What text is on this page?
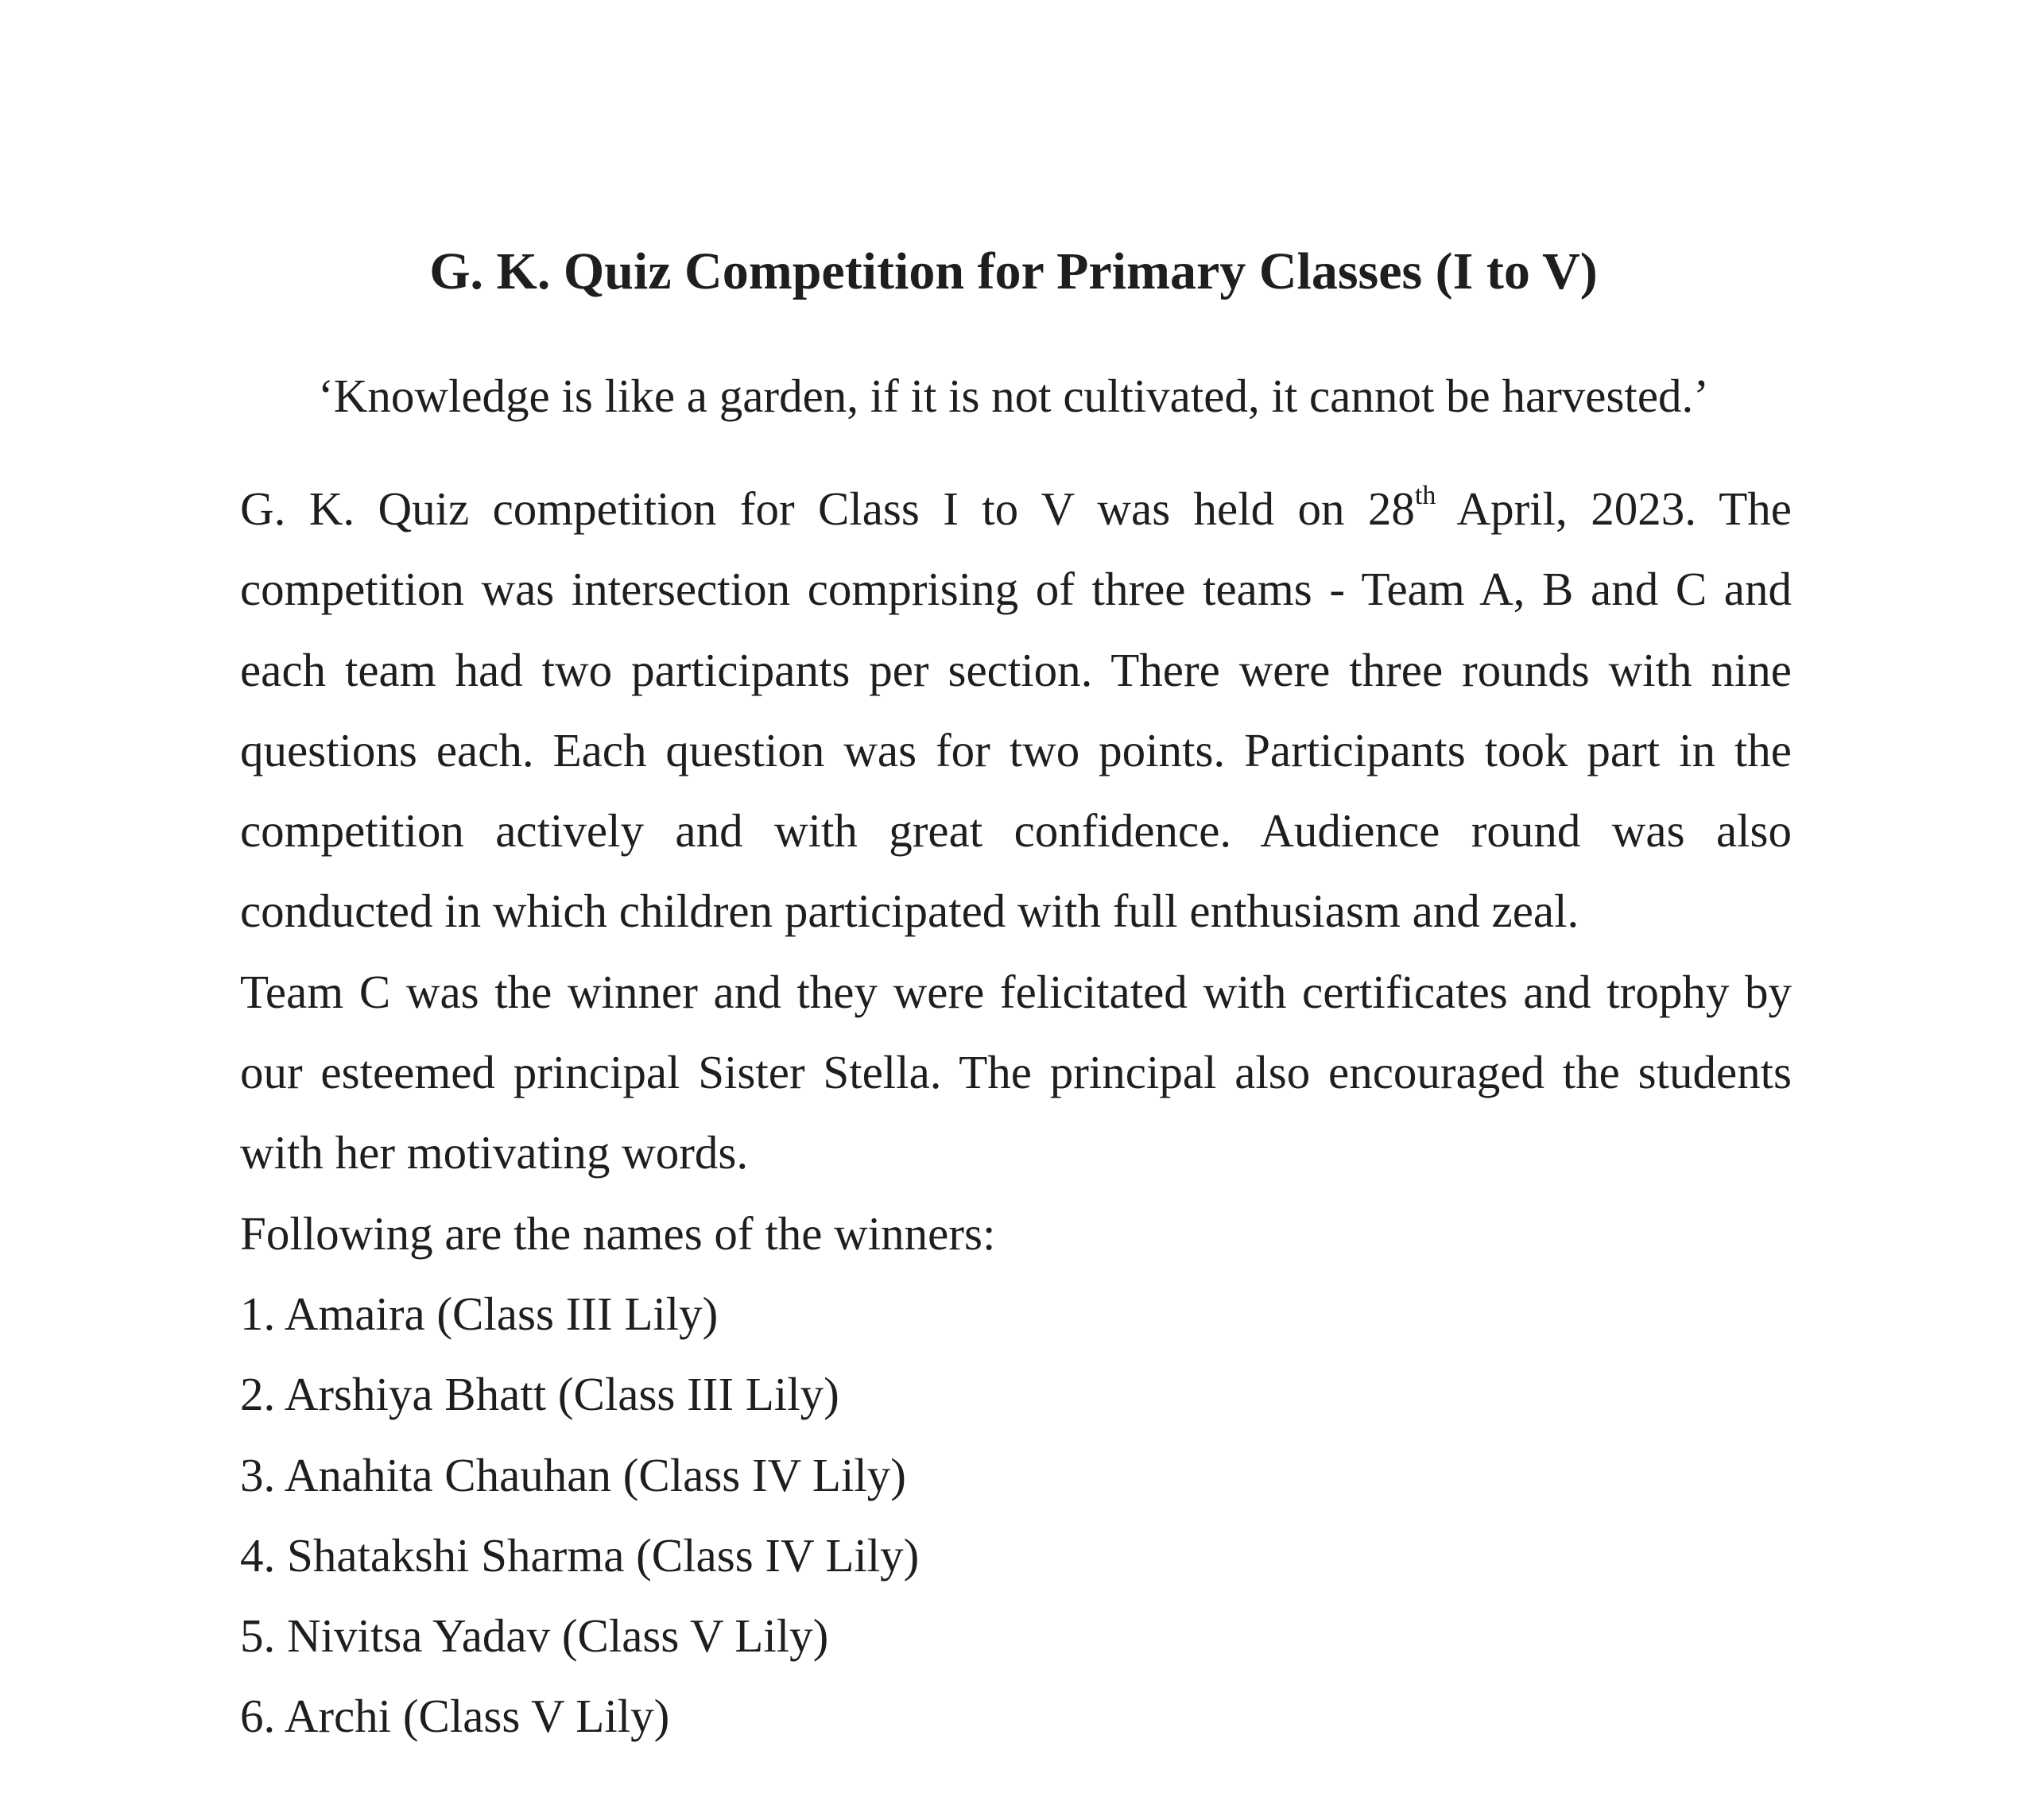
G. K. Quiz Competition for Primary Classes (I to V)

‘Knowledge is like a garden, if it is not cultivated, it cannot be harvested.’

G. K. Quiz competition for Class I to V was held on 28th April, 2023. The competition was intersection comprising of three teams - Team A, B and C and each team had two participants per section. There were three rounds with nine questions each. Each question was for two points. Participants took part in the competition actively and with great confidence. Audience round was also conducted in which children participated with full enthusiasm and zeal.

Team C was the winner and they were felicitated with certificates and trophy by our esteemed principal Sister Stella. The principal also encouraged the students with her motivating words.

Following are the names of the winners:

1. Amaira (Class III Lily)
2. Arshiya Bhatt (Class III Lily)
3. Anahita Chauhan (Class IV Lily)
4. Shatakshi Sharma (Class IV Lily)
5. Nivitsa Yadav (Class V Lily)
6. Archi (Class V Lily)
